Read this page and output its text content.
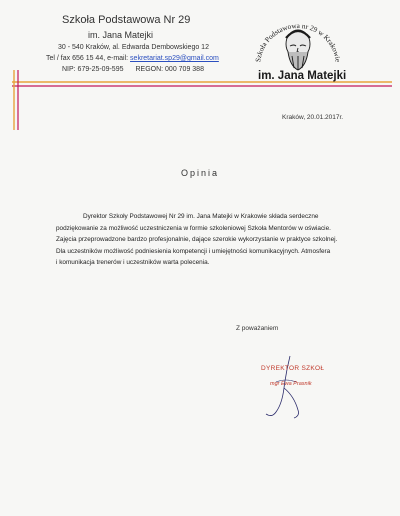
Szkoła Podstawowa Nr 29
im. Jana Matejki
30 - 540 Kraków, al. Edwarda Dembowskiego 12
Tel / fax 656 15 44, e-mail: sekretariat.sp29@gmail.com
NIP: 679-25-09-595 REGON: 000 709 388
Szkoła Podstawowa nr 29 w Krakowie
im. Jana Matejki
Kraków, 20.01.2017r.
Opinia

Dyrektor Szkoły Podstawowej Nr 29 im. Jana Matejki w Krakowie składa serdeczne

podziękowanie za możliwość uczestniczenia w formie szkoleniowej Szkoła Mentorów w oświacie.

Zajęcia przeprowadzone bardzo profesjonalnie, dające szerokie wykorzystanie w praktyce szkolnej.

Dla uczestników możliwość podniesienia kompetencji i umiejętności komunikacyjnych. Atmosfera

i komunikacja trenerów i uczestników warta polecenia.

Z poważaniem
DYREKTOR SZKOŁ
mgr Ewa Prasnik
